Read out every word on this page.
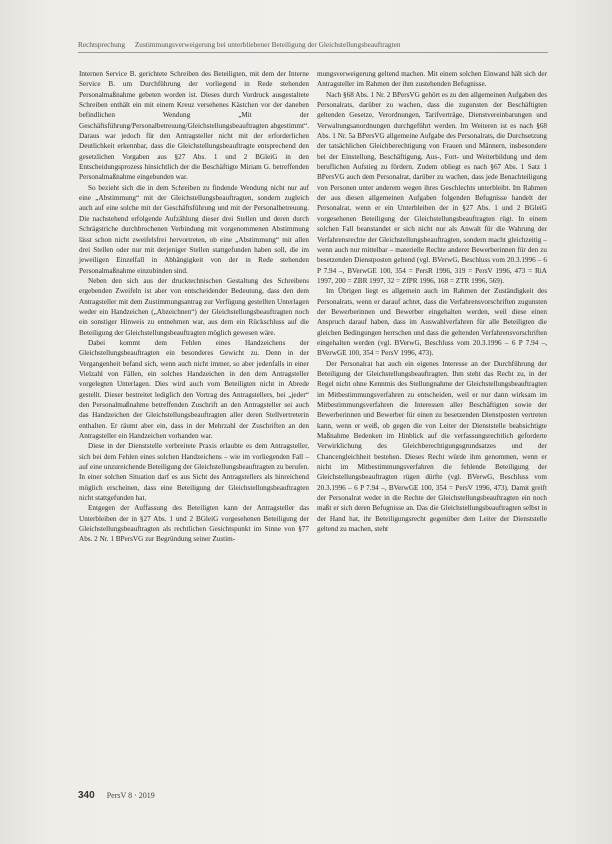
Rechtsprechung Zustimmungsverweigerung bei unterbliebener Beteiligung der Gleichstellungsbeauftragten

Internen Service B. gerichtete Schreiben des Beteiligten, mit dem der Interne Service B. um Durchführung der vorliegend in Rede stehenden Personalmaßnahme gebeten worden ist. Dieses durch Vordruck ausgestaltete Schreiben enthält ein mit einem Kreuz versehenes Kästchen vor der daneben befindlichen Wendung „Mit der Geschäftsführung/Personalbetreuung/Gleichstellungsbeauftragten abgestimmt“. Daraus war jedoch für den Antragsteller nicht mit der erforderlichen Deutlichkeit erkennbar, dass die Gleichstellungsbeauftragte entsprechend den gesetzlichen Vorgaben aus §27 Abs. 1 und 2 BGleiG in den Entscheidungsprozess hinsichtlich der die Beschäftigte Miriam G. betreffenden Personalmaßnahme eingebunden war.

So bezieht sich die in dem Schreiben zu findende Wendung nicht nur auf eine „Abstimmung“ mit der Gleichstellungsbeauftragten, sondern zugleich auch auf eine solche mit der Geschäftsführung und mit der Personalbetreuung. Die nachstehend erfolgende Aufzählung dieser drei Stellen und deren durch Schrägstriche durchbrochenen Verbindung mit vorgenommenen Abstimmung lässt schon nicht zweifelsfrei hervortreten, ob eine „Abstimmung“ mit allen drei Stellen oder nur mit derjeniger Stellen stattgefunden haben soll, die im jeweiligen Einzelfall in Abhängigkeit von der in Rede stehenden Personalmaßnahme einzubinden sind.

Neben den sich aus der drucktechnischen Gestaltung des Schreibens ergebenden Zweifeln ist aber von entscheidender Bedeutung, dass den dem Antragsteller mit dem Zustimmungsantrag zur Verfügung gestellten Unterlagen weder ein Handzeichen („Abzeichnen“) der Gleichstellungsbeauftragten noch ein sonstiger Hinweis zu entnehmen war, aus dem ein Rückschluss auf die Beteiligung der Gleichstellungsbeauftragten möglich gewesen wäre.

Dabei kommt dem Fehlen eines Handzeichens der Gleichstellungsbeauftragten ein besonderes Gewicht zu. Denn in der Vergangenheit befand sich, wenn auch nicht immer, so aber jedenfalls in einer Vielzahl von Fällen, ein solches Handzeichen in den dem Antragsteller vorgelegten Unterlagen. Dies wird auch vom Beteiligten nicht in Abrede gestellt. Dieser bestreitet lediglich den Vortrag des Antragstellers, bei „jeder“ den Personalmaßnahme betreffenden Zuschrift an den Antragsteller sei auch das Handzeichen der Gleichstellungsbeauftragten aller deren Stellvertreterin enthalten. Er räumt aber ein, dass in der Mehrzahl der Zuschriften an den Antragsteller ein Handzeichen vorhanden war.

Diese in der Dienststelle verbreitete Praxis erlaubte es dem Antragsteller, sich bei dem Fehlen eines solchen Handzeichens – wie im vorliegenden Fall – auf eine unzureichende Beteiligung der Gleichstellungsbeauftragten zu berufen. In einer solchen Situation darf es aus Sicht des Antragstellers als hinreichend möglich erscheinen, dass eine Beteiligung der Gleichstellungsbeauftragten nicht stattgefunden hat.

Entgegen der Auffassung des Beteiligten kann der Antragsteller das Unterbleiben der in §27 Abs. 1 und 2 BGleiG vorgesehenen Beteiligung der Gleichstellungsbeauftragten als rechtlichen Gesichtspunkt im Sinne von §77 Abs. 2 Nr. 1 BPersVG zur Begründung seiner Zustim-

mungsverweigerung geltend machen. Mit einem solchen Einwand hält sich der Antragsteller im Rahmen der ihm zustehenden Befugnisse.

Nach §68 Abs. 1 Nr. 2 BPersVG gehört es zu den allgemeinen Aufgaben des Personalrats, darüber zu wachen, dass die zugunsten der Beschäftigten geltenden Gesetze, Verordnungen, Tarifverträge, Dienstvereinbarungen und Verwaltungsanordnungen durchgeführt werden. Im Weiteren ist es nach §68 Abs. 1 Nr. 5a BPersVG allgemeine Aufgabe des Personalrats, die Durchsetzung der tatsächlichen Gleichberechtigung von Frauen und Männern, insbesondere bei der Einstellung, Beschäftigung, Aus-, Fort- und Weiterbildung und dem beruflichen Aufstieg zu fördern. Zudem obliegt es nach §67 Abs. 1 Satz 1 BPersVG auch dem Personalrat, darüber zu wachen, dass jede Benachteiligung von Personen unter anderem wegen ihres Geschlechts unterbleibt. Im Rahmen der aus diesen allgemeinen Aufgaben folgenden Befugnisse handelt der Personalrat, wenn er ein Unterbleiben der in §27 Abs. 1 und 2 BGleiG vorgesehenen Beteiligung der Gleichstellungsbeauftragten rügt. In einem solchen Fall beanstandet er sich nicht nur als Anwalt für die Wahrung der Verfahrensrechte der Gleichstellungsbeauftragten, sondern macht gleichzeitig – wenn auch nur mittelbar – materielle Rechte anderer Bewerberinnen für den zu besetzenden Dienstposten geltend (vgl. BVerwG, Beschluss vom 20.3.1996 – 6 P 7.94 –, BVerwGE 100, 354 = PersR 1996, 319 = PersV 1996, 473 = RiA 1997, 200 = ZBR 1997, 32 = ZfPR 1996, 168 = ZTR 1996, 569).

Im Übrigen liegt es allgemein auch im Rahmen der Zuständigkeit des Personalrats, wenn er darauf achtet, dass die Verfahrensvorschriften zugunsten der Bewerberinnen und Bewerber eingehalten werden, weil diese einen Anspruch darauf haben, dass im Auswahlverfahren für alle Beteiligten die gleichen Bedingungen herrschen und dass die geltenden Verfahrensvorschriften eingehalten werden (vgl. BVerwG, Beschluss vom 20.3.1996 – 6 P 7.94 –, BVerwGE 100, 354 = PersV 1996, 473).

Der Personalrat hat auch ein eigenes Interesse an der Durchführung der Beteiligung der Gleichstellungsbeauftragten. Ihm steht das Recht zu, in der Regel nicht ohne Kenntnis des Stellungnahme der Gleichstellungsbeauftragten im Mitbestimmungsverfahren zu entscheiden, weil er nur dann wirksam im Mitbestimmungsverfahren die Interessen aller Beschäftigten sowie der Bewerberinnen und Bewerber für einen zu besetzenden Dienstposten vertreten kann, wenn er weiß, ob gegen die von Leiter der Dienststelle beabsichtigte Maßnahme Bedenken im Hinblick auf die verfassungsrechtlich geforderte Verwirklichung des Gleichberechtigungsgrundsatzes und der Chancengleichheit bestehen. Dieses Recht würde ihm genommen, wenn er nicht im Mitbestimmungsverfahren die fehlende Beteiligung der Gleichstellungsbeauftragten rügen dürfte (vgl. BVerwG, Beschluss vom 20.3.1996 – 6 P 7.94 –, BVerwGE 100, 354 = PersV 1996, 473). Damit greift der Personalrat weder in die Rechte der Gleichstellungsbeauftragten ein noch maßt er sich deren Befugnisse an. Das die Gleichstellungsbeauftragten selbst in der Hand hat, ihr Beteiligungsrecht gegenüber dem Leiter der Dienststelle geltend zu machen, steht

340 PersV 8 · 2019
